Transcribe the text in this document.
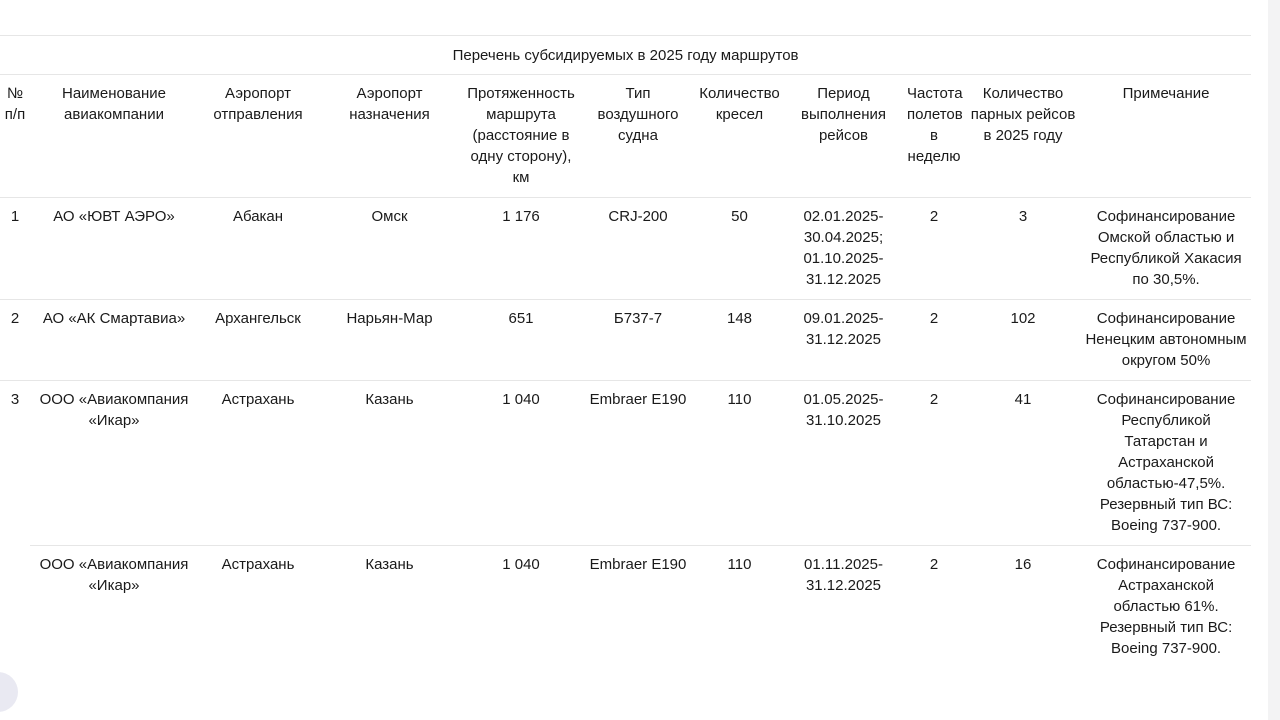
Перечень субсидируемых в 2025 году маршрутов										
№ п/п	Наименование авиакомпании	Аэропорт отправления	Аэропорт назначения	Протяженность маршрута (расстояние в одну сторону), км	Тип воздушного судна	Количество кресел	Период выполнения рейсов	Частота полетов в неделю	Количество парных рейсов в 2025 году	Примечание
1	АО «ЮВТ АЭРО»	Абакан	Омск	1 176	CRJ-200	50	02.01.2025-30.04.2025; 01.10.2025-31.12.2025	2	3	Софинансирование Омской областью и Республикой Хакасия по 30,5%.
2	АО «АК Смартавиа»	Архангельск	Нарьян-Мар	651	Б737-7	148	09.01.2025-31.12.2025	2	102	Софинансирование Ненецким автономным округом 50%
3	ООО «Авиакомпания «Икар»	Астрахань	Казань	1 040	Embraer E190	110	01.05.2025-31.10.2025	2	41	Софинансирование Республикой Татарстан и Астраханской областью-47,5%. Резервный тип ВС: Boeing 737-900.
	ООО «Авиакомпания «Икар»	Астрахань	Казань	1 040	Embraer E190	110	01.11.2025-31.12.2025	2	16	Софинансирование Астраханской областью 61%. Резервный тип ВС: Boeing 737-900.
